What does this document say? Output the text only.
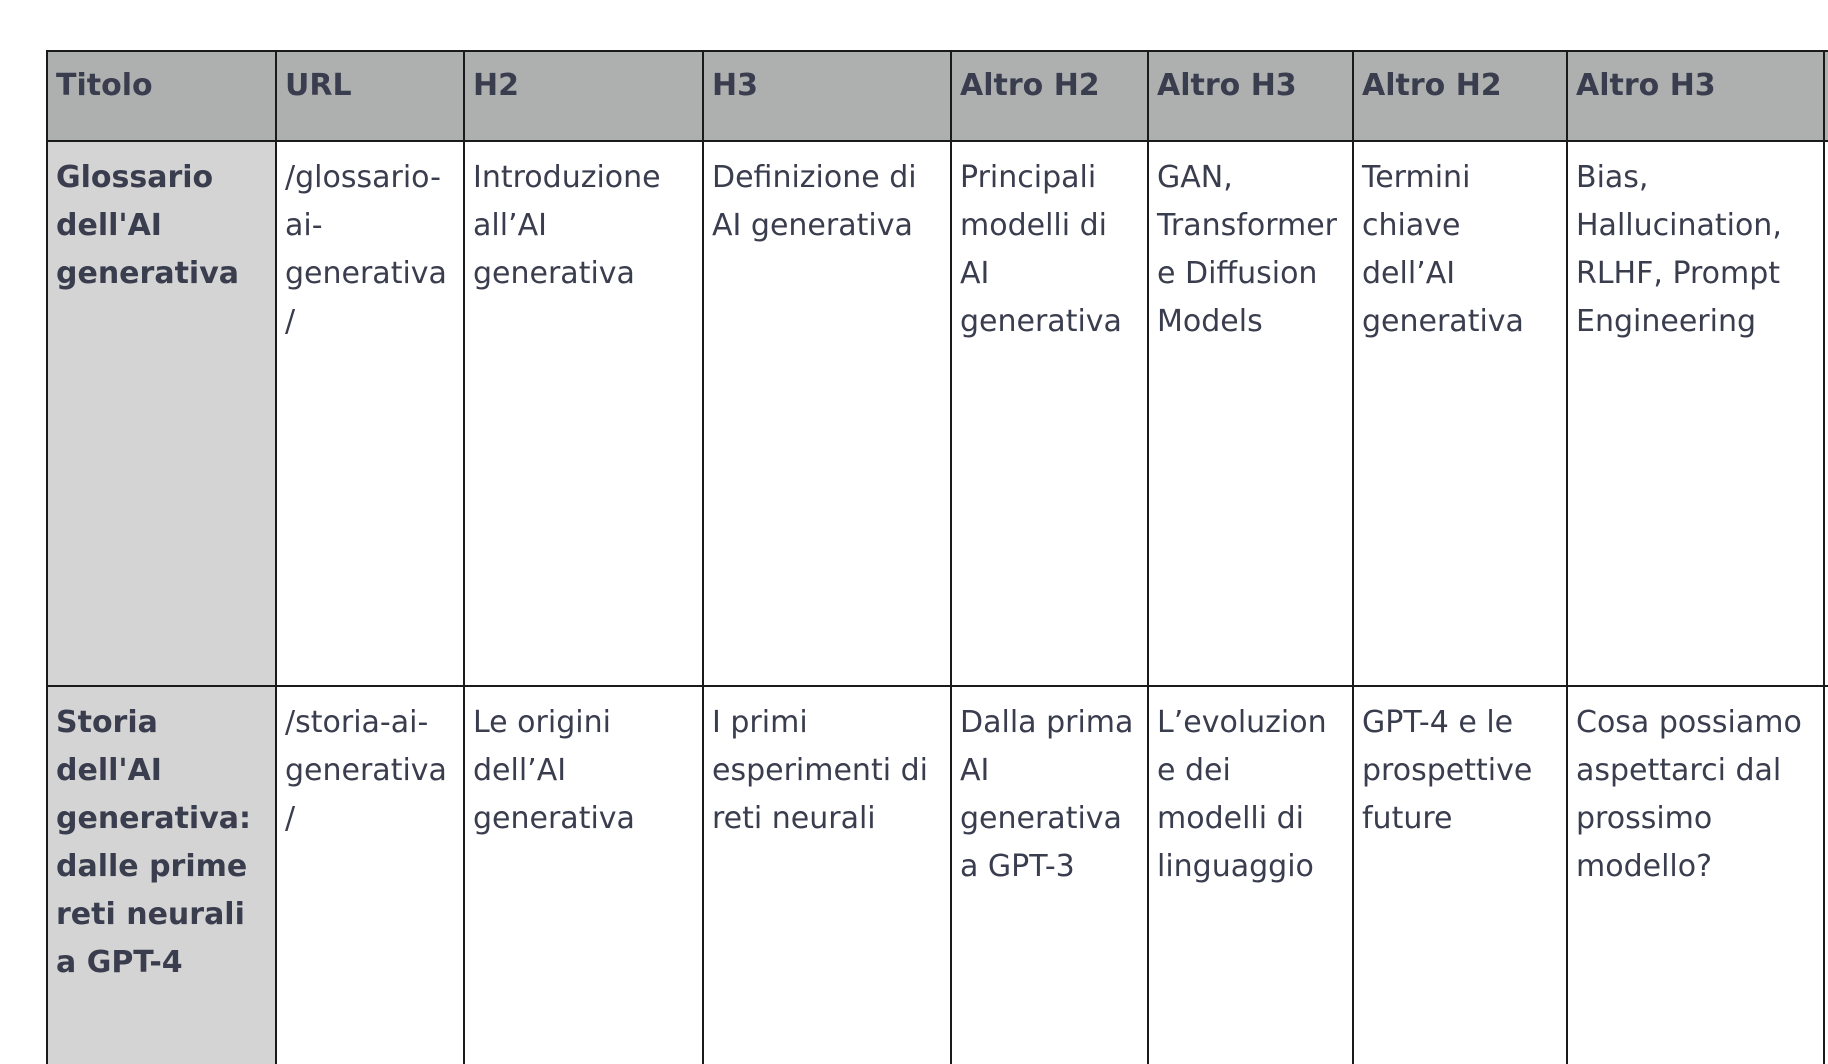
Titolo	URL	H2	H3	Altro H2	Altro H3	Altro H2	Altro H3	
Glossario dell'AI generativa	/glossario-ai-generativa/	Introduzione all’AI generativa	Definizione di AI generativa	Principali modelli di AI generativa	GAN, Transformer e Diffusion Models	Termini chiave dell’AI generativa	Bias, Hallucination, RLHF, Prompt Engineering	
Storia dell'AI generativa: dalle prime reti neurali a GPT-4	/storia-ai-generativa/	Le origini dell’AI generativa	I primi esperimenti di reti neurali	Dalla prima AI generativa a GPT-3	L’evoluzione dei modelli di linguaggio	GPT-4 e le prospettive future	Cosa possiamo aspettarci dal prossimo modello?	
